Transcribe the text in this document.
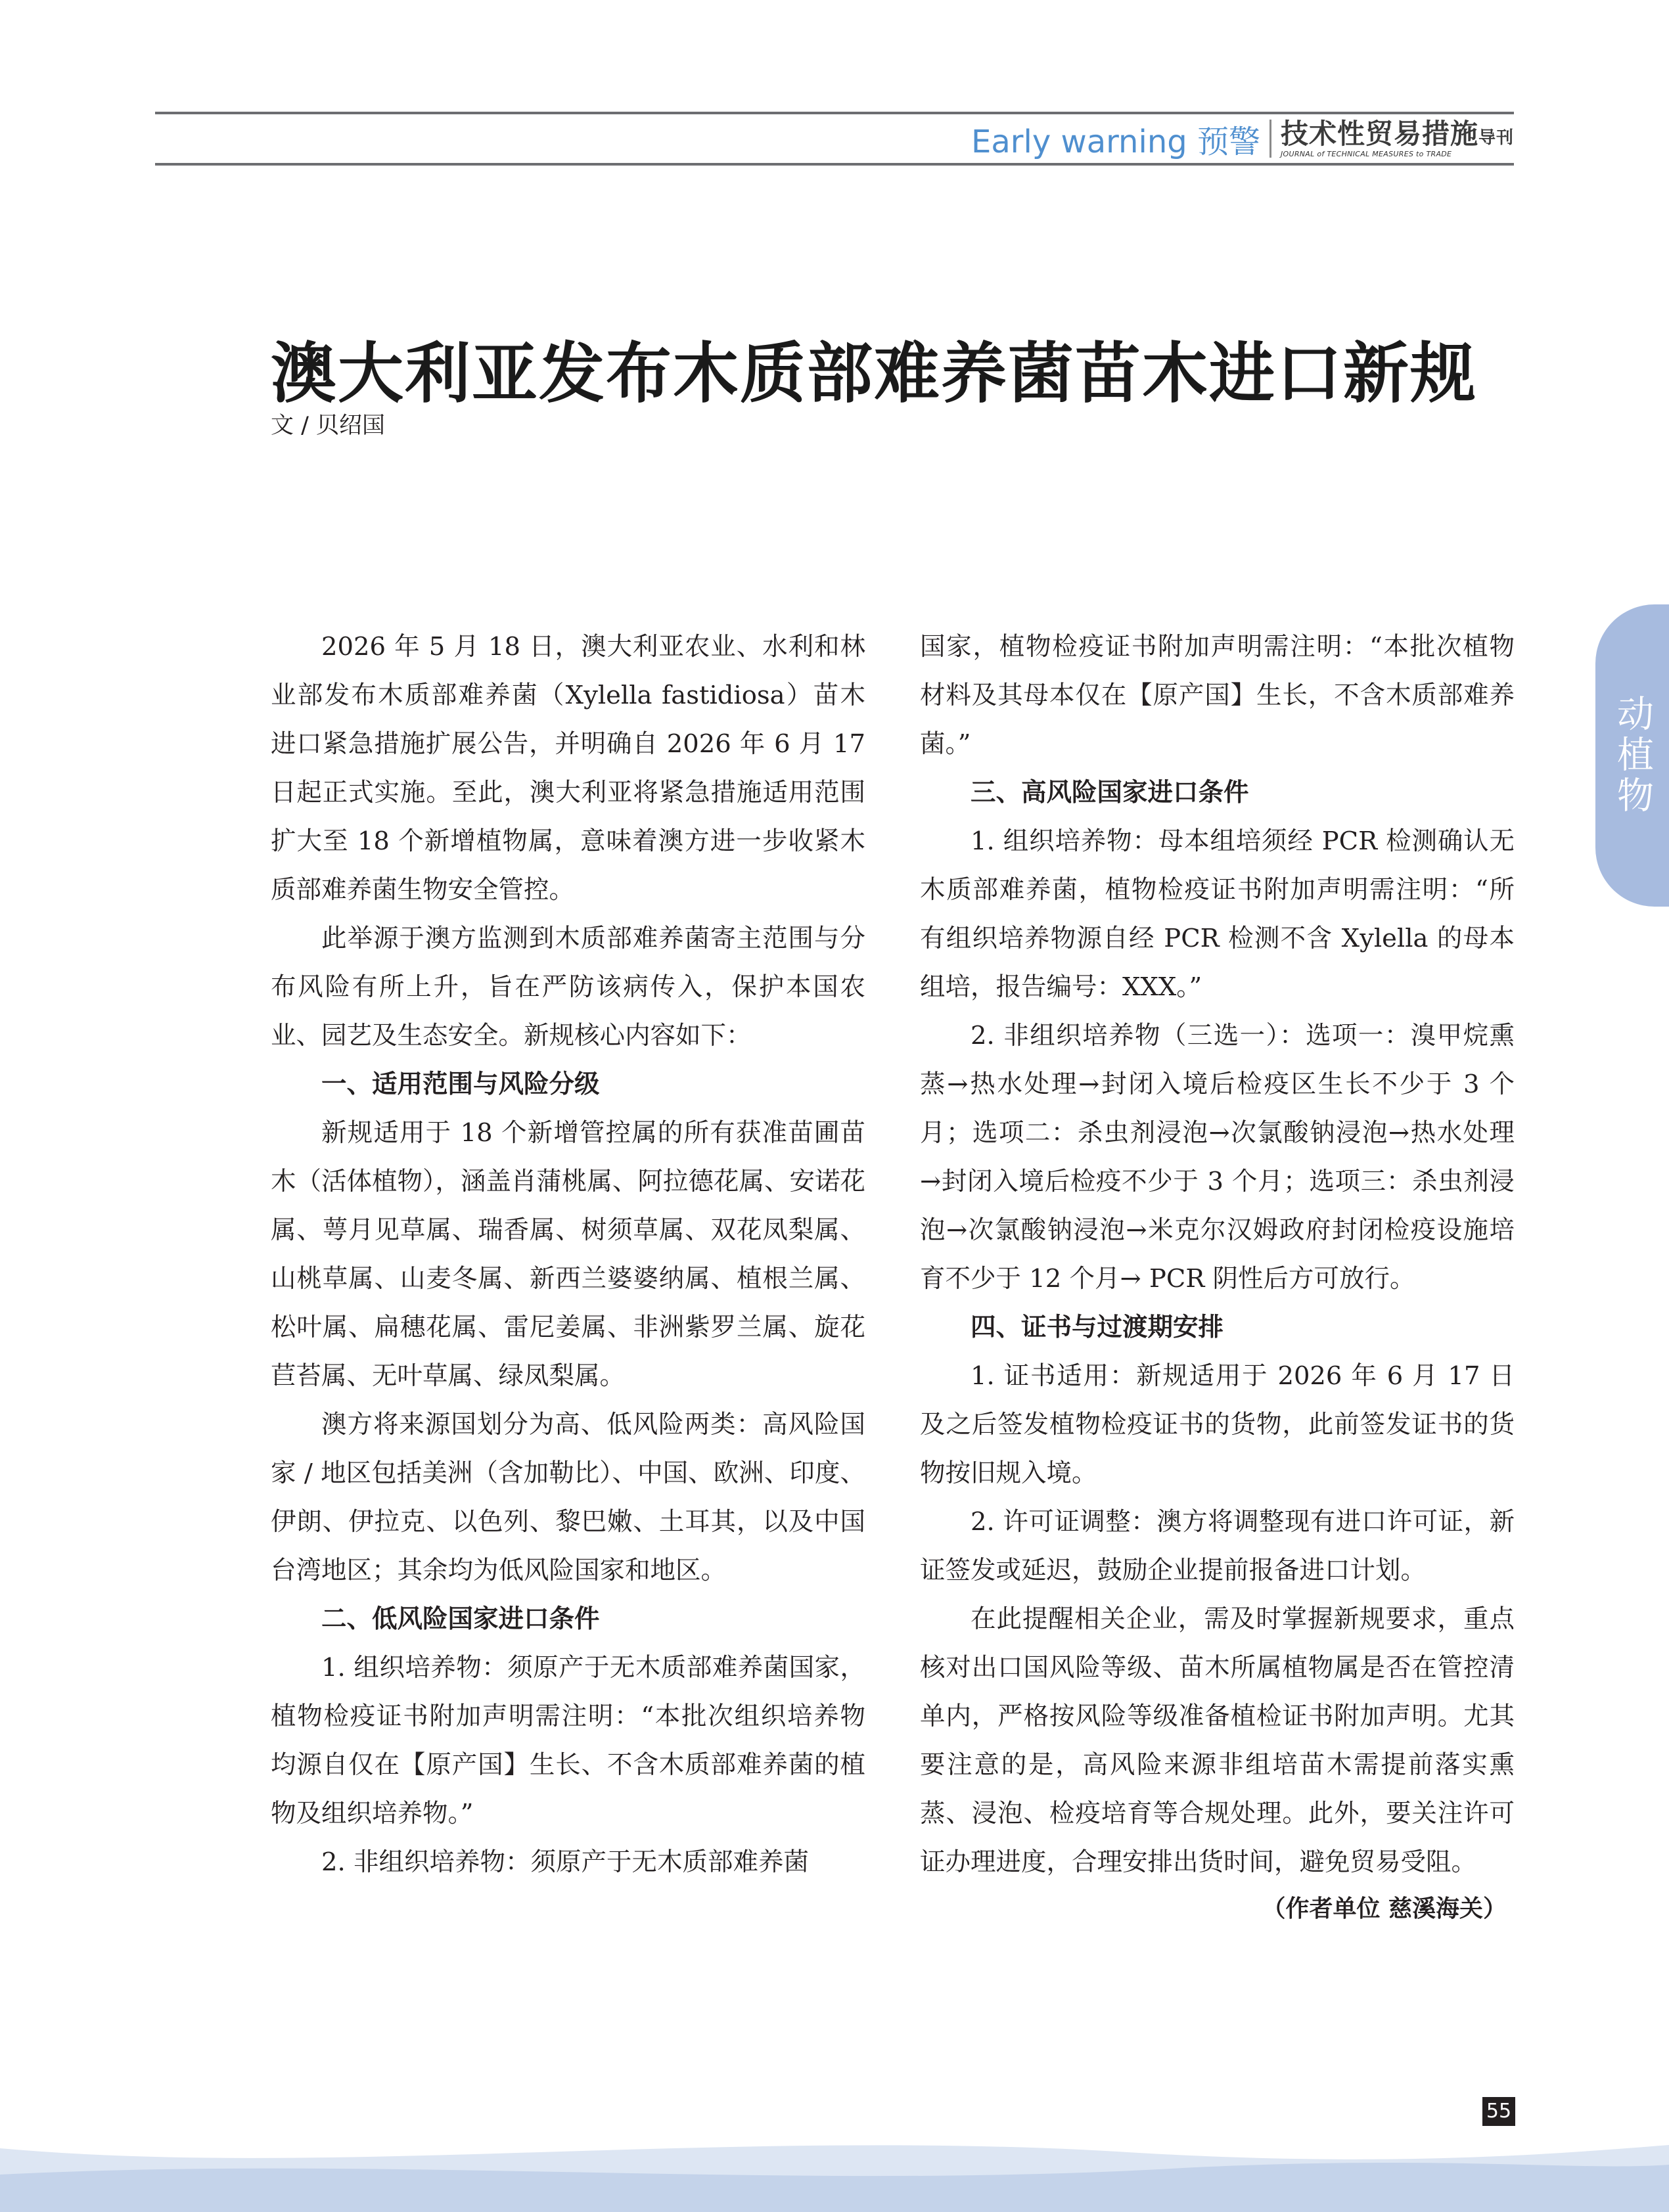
Early warning 预警 技术性贸易措施导刊
JOURNAL of TECHNICAL MEASURES to TRADE
动植物
澳大利亚发布木质部难养菌苗木进口新规
文 / 贝绍国

2026 年 5 月 18 日，澳大利亚农业、水利和林业部发布木质部难养菌（Xylella fastidiosa）苗木进口紧急措施扩展公告，并明确自 2026 年 6 月 17 日起正式实施。至此，澳大利亚将紧急措施适用范围扩大至 18 个新增植物属，意味着澳方进一步收紧木质部难养菌生物安全管控。

此举源于澳方监测到木质部难养菌寄主范围与分布风险有所上升，旨在严防该病传入，保护本国农业、园艺及生态安全。新规核心内容如下：

一、适用范围与风险分级

新规适用于 18 个新增管控属的所有获准苗圃苗木（活体植物），涵盖肖蒲桃属、阿拉德花属、安诺花属、萼月见草属、瑞香属、树须草属、双花凤梨属、山桃草属、山麦冬属、新西兰婆婆纳属、植根兰属、松叶属、扁穗花属、雷尼姜属、非洲紫罗兰属、旋花苣苔属、无叶草属、绿凤梨属。

澳方将来源国划分为高、低风险两类：高风险国家 / 地区包括美洲（含加勒比）、中国、欧洲、印度、伊朗、伊拉克、以色列、黎巴嫩、土耳其，以及中国台湾地区；其余均为低风险国家和地区。

二、低风险国家进口条件

1. 组织培养物：须原产于无木质部难养菌国家，植物检疫证书附加声明需注明：“本批次组织培养物均源自仅在【原产国】生长、不含木质部难养菌的植物及组织培养物。”

2. 非组织培养物：须原产于无木质部难养菌

国家，植物检疫证书附加声明需注明：“本批次植物材料及其母本仅在【原产国】生长，不含木质部难养菌。”

三、高风险国家进口条件

1. 组织培养物：母本组培须经 PCR 检测确认无木质部难养菌，植物检疫证书附加声明需注明：“所有组织培养物源自经 PCR 检测不含 Xylella 的母本组培，报告编号：XXX。”

2. 非组织培养物（三选一）：选项一：溴甲烷熏蒸→热水处理→封闭入境后检疫区生长不少于 3 个月；选项二：杀虫剂浸泡→次氯酸钠浸泡→热水处理→封闭入境后检疫不少于 3 个月；选项三：杀虫剂浸泡→次氯酸钠浸泡→米克尔汉姆政府封闭检疫设施培育不少于 12 个月→ PCR 阴性后方可放行。

四、证书与过渡期安排

1. 证书适用：新规适用于 2026 年 6 月 17 日及之后签发植物检疫证书的货物，此前签发证书的货物按旧规入境。

2. 许可证调整：澳方将调整现有进口许可证，新证签发或延迟，鼓励企业提前报备进口计划。

在此提醒相关企业，需及时掌握新规要求，重点核对出口国风险等级、苗木所属植物属是否在管控清单内，严格按风险等级准备植检证书附加声明。尤其要注意的是，高风险来源非组培苗木需提前落实熏蒸、浸泡、检疫培育等合规处理。此外，要关注许可证办理进度，合理安排出货时间，避免贸易受阻。

（作者单位 慈溪海关）

55
